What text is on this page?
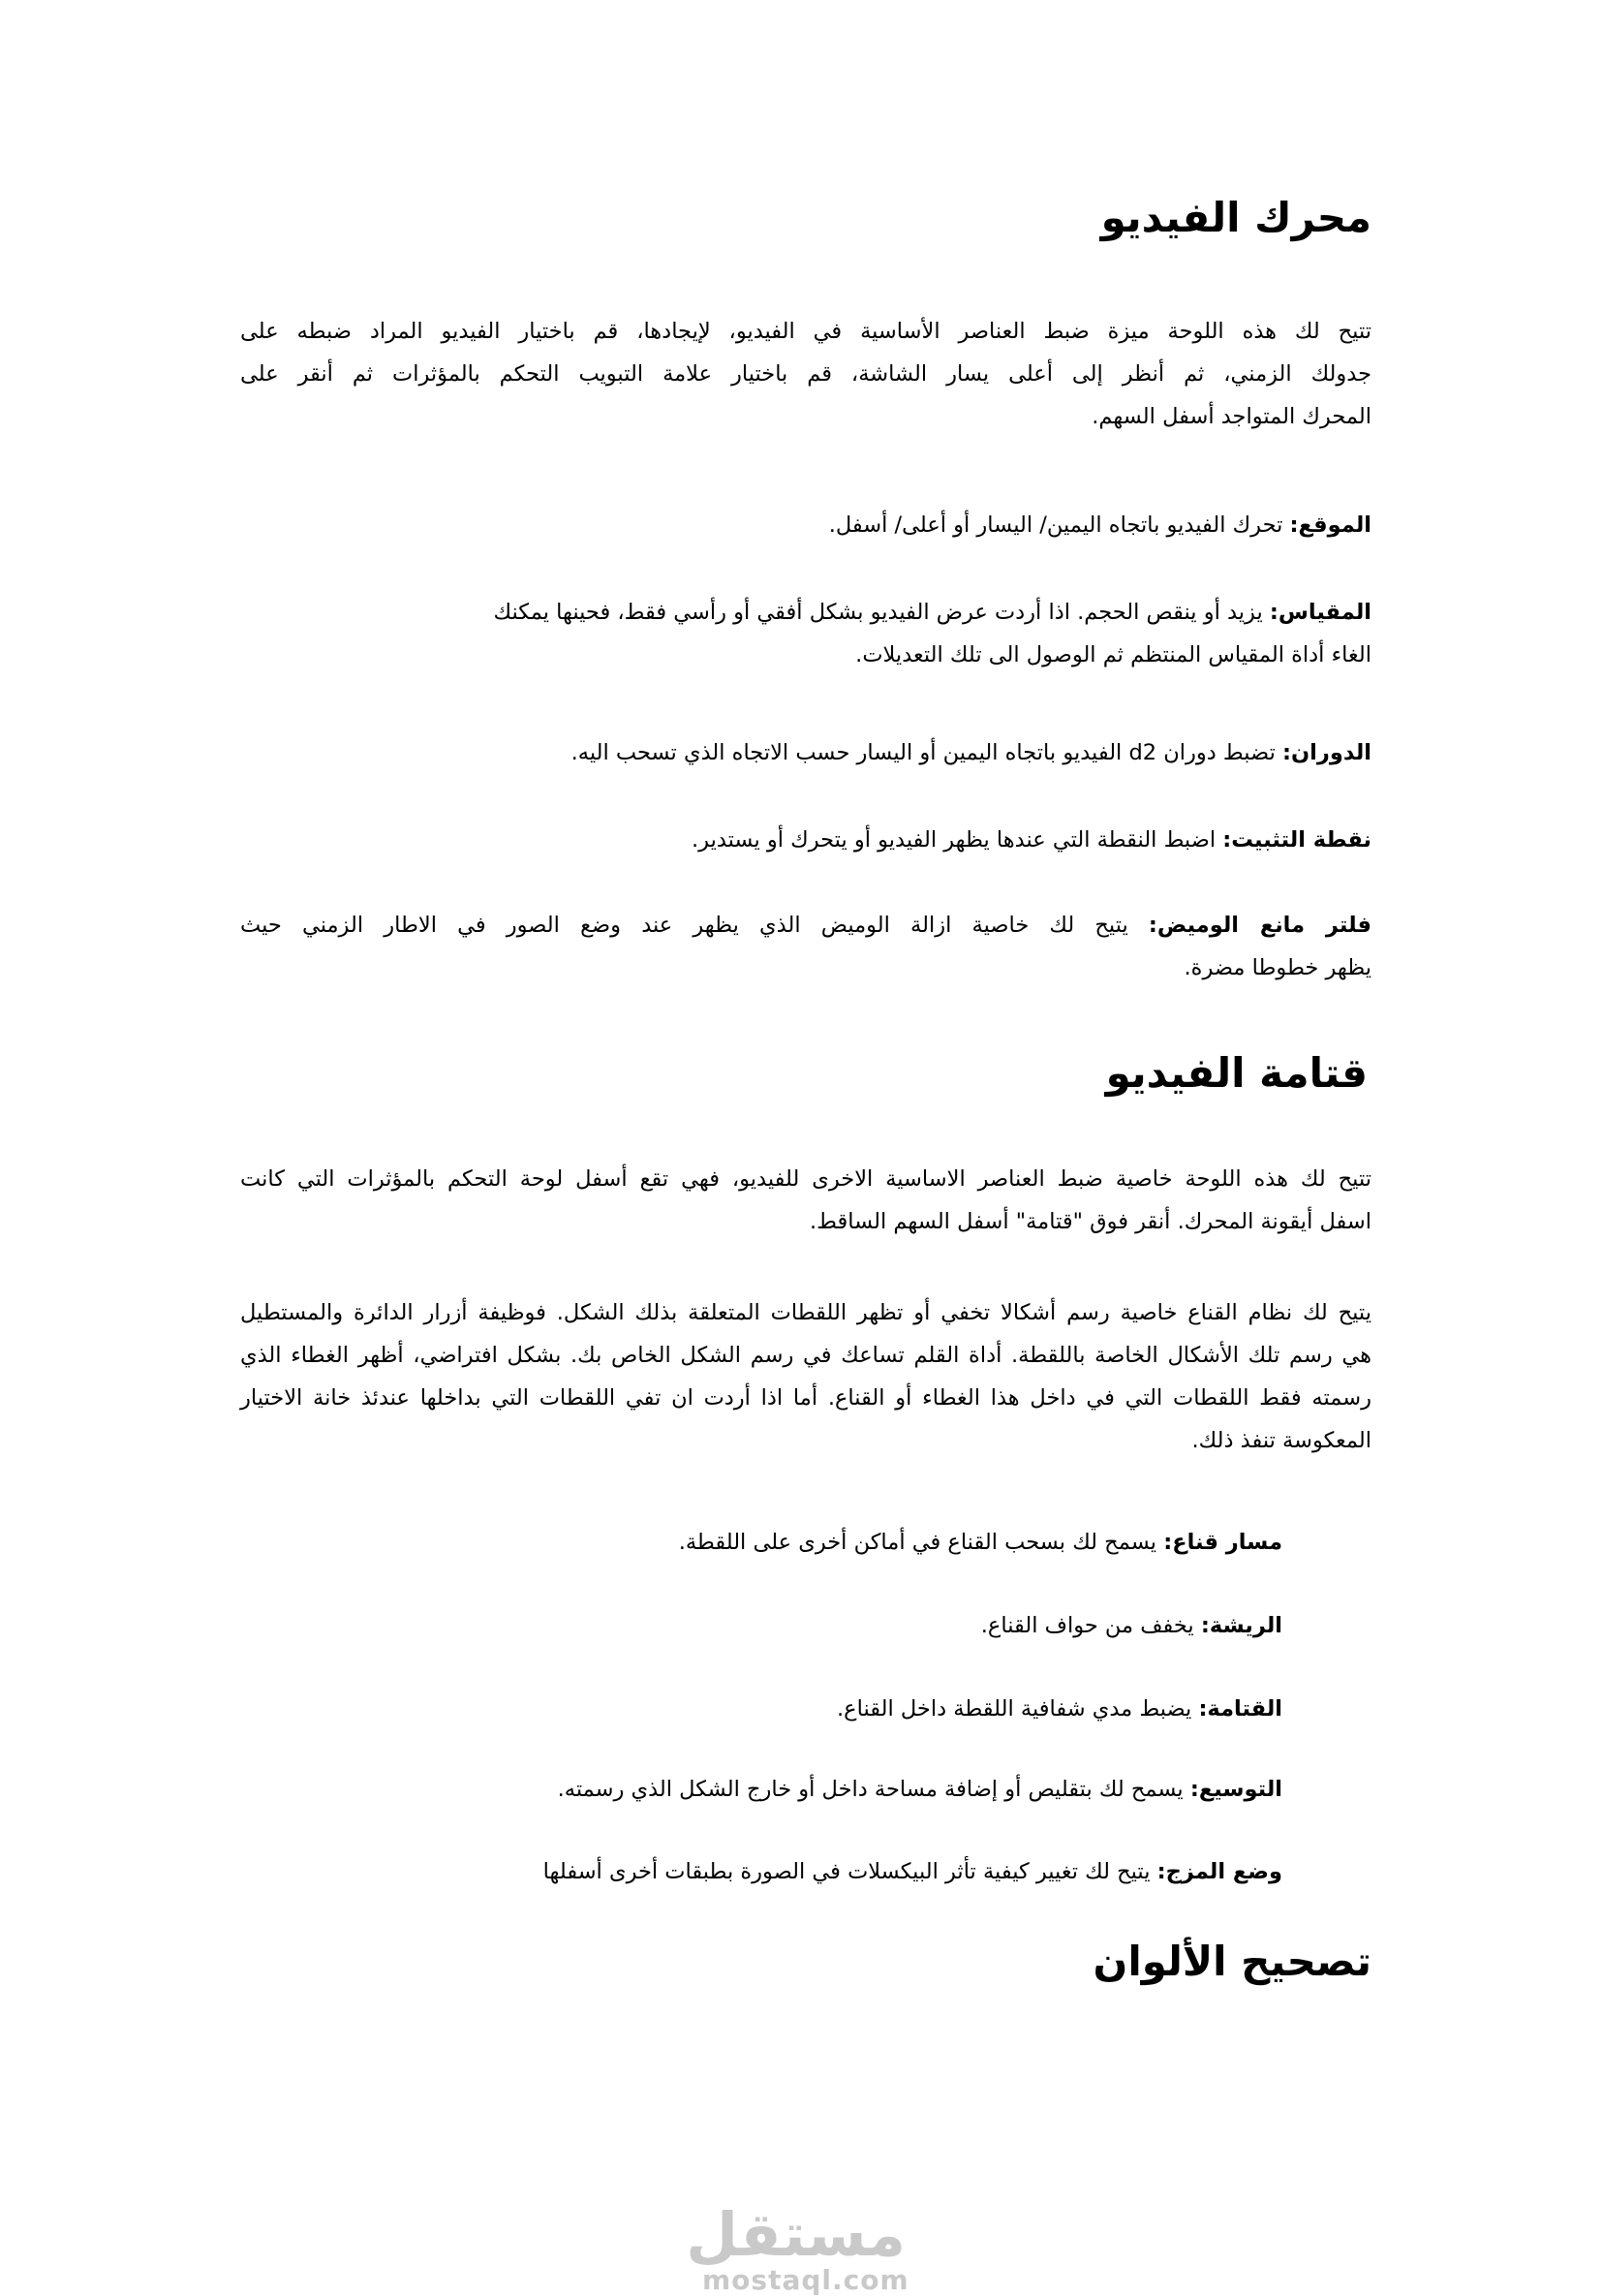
محرك الفيديو
تتيح لك هذه اللوحة ميزة ضبط العناصر الأساسية في الفيديو، لإيجادها، قم باختيار الفيديو المراد ضبطه على
جدولك الزمني، ثم أنظر إلى أعلى يسار الشاشة، قم باختيار علامة التبويب التحكم بالمؤثرات ثم أنقر على
المحرك المتواجد أسفل السهم.
الموقع: تحرك الفيديو باتجاه اليمين/ اليسار أو أعلى/ أسفل.
المقياس: يزيد أو ينقص الحجم. اذا أردت عرض الفيديو بشكل أفقي أو رأسي فقط، فحينها يمكنك
الغاء أداة المقياس المنتظم ثم الوصول الى تلك التعديلات.
الدوران: تضبط دوران d2 الفيديو باتجاه اليمين أو اليسار حسب الاتجاه الذي تسحب اليه.
نقطة التثبيت: اضبط النقطة التي عندها يظهر الفيديو أو يتحرك أو يستدير.
فلتر مانع الوميض: يتيح لك خاصية ازالة الوميض الذي يظهر عند وضع الصور في الاطار الزمني حيث
يظهر خطوطا مضرة.
قتامة الفيديو
تتيح لك هذه اللوحة خاصية ضبط العناصر الاساسية الاخرى للفيديو، فهي تقع أسفل لوحة التحكم بالمؤثرات التي كانت
اسفل أيقونة المحرك. أنقر فوق "قتامة" أسفل السهم الساقط.
يتيح لك نظام القناع خاصية رسم أشكالا تخفي أو تظهر اللقطات المتعلقة بذلك الشكل. فوظيفة أزرار الدائرة والمستطيل
هي رسم تلك الأشكال الخاصة باللقطة. أداة القلم تساعك في رسم الشكل الخاص بك. بشكل افتراضي، أظهر الغطاء الذي
رسمته فقط اللقطات التي في داخل هذا الغطاء أو القناع. أما اذا أردت ان تفي اللقطات التي بداخلها عندئذ خانة الاختيار
المعكوسة تنفذ ذلك.
مسار قناع: يسمح لك بسحب القناع في أماكن أخرى على اللقطة.
الريشة: يخفف من حواف القناع.
القتامة: يضبط مدي شفافية اللقطة داخل القناع.
التوسيع: يسمح لك بتقليص أو إضافة مساحة داخل أو خارج الشكل الذي رسمته.
وضع المزج: يتيح لك تغيير كيفية تأثر البيكسلات في الصورة بطبقات أخرى أسفلها
تصحيح الألوان
مستقل
mostaql.com
